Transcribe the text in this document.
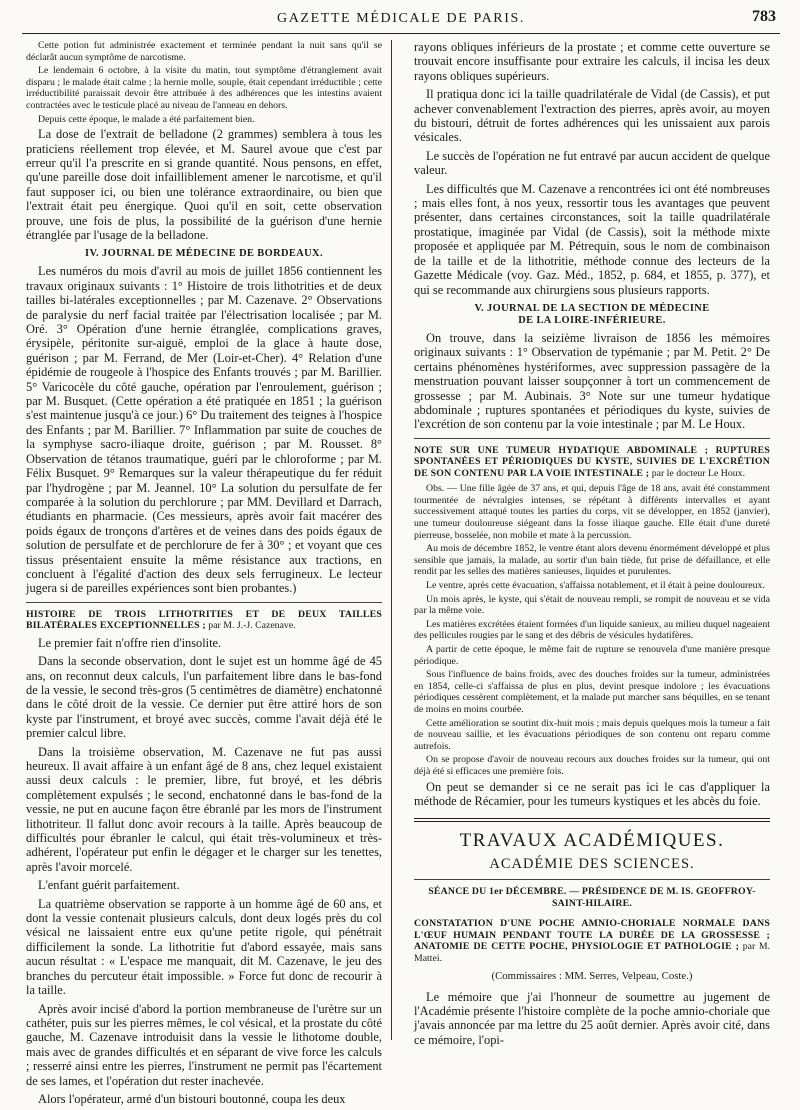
GAZETTE MÉDICALE DE PARIS.	783

Cette potion fut administrée exactement et terminée pendant la nuit sans qu'il se déclarât aucun symptôme de narcotisme.

Le lendemain 6 octobre, à la visite du matin, tout symptôme d'étranglement avait disparu ; le malade était calme ; la hernie molle, souple, était cependant irréductible ; cette irréductibilité paraissait devoir être attribuée à des adhérences que les intestins avaient contractées avec le testicule placé au niveau de l'anneau en dehors.

Depuis cette époque, le malade a été parfaitement bien.

La dose de l'extrait de belladone (2 grammes) semblera à tous les praticiens réellement trop élevée, et M. Saurel avoue que c'est par erreur qu'il l'a prescrite en si grande quantité. Nous pensons, en effet, qu'une pareille dose doit infailliblement amener le narcotisme, et qu'il faut supposer ici, ou bien une tolérance extraordinaire, ou bien que l'extrait était peu énergique. Quoi qu'il en soit, cette observation prouve, une fois de plus, la possibilité de la guérison d'une hernie étranglée par l'usage de la belladone.

IV. JOURNAL DE MÉDECINE DE BORDEAUX.

Les numéros du mois d'avril au mois de juillet 1856 contiennent les travaux originaux suivants : 1° Histoire de trois lithotrities et de deux tailles bi-latérales exceptionnelles ; par M. Cazenave. 2° Observations de paralysie du nerf facial traitée par l'électrisation localisée ; par M. Oré. 3° Opération d'une hernie étranglée, complications graves, érysipèle, péritonite sur-aiguë, emploi de la glace à haute dose, guérison ; par M. Ferrand, de Mer (Loir-et-Cher). 4° Relation d'une épidémie de rougeole à l'hospice des Enfants trouvés ; par M. Barillier. 5° Varicocèle du côté gauche, opération par l'enroulement, guérison ; par M. Busquet. (Cette opération a été pratiquée en 1851 ; la guérison s'est maintenue jusqu'à ce jour.) 6° Du traitement des teignes à l'hospice des Enfants ; par M. Barillier. 7° Inflammation par suite de couches de la symphyse sacro-iliaque droite, guérison ; par M. Rousset. 8° Observation de tétanos traumatique, guéri par le chloroforme ; par M. Félix Busquet. 9° Remarques sur la valeur thérapeutique du fer réduit par l'hydrogène ; par M. Jeannel. 10° La solution du persulfate de fer comparée à la solution du perchlorure ; par MM. Devillard et Darrach, étudiants en pharmacie. (Ces messieurs, après avoir fait macérer des poids égaux de tronçons d'artères et de veines dans des poids égaux de solution de persulfate et de perchlorure de fer à 30° ; et voyant que ces tissus présentaient ensuite la même résistance aux tractions, en concluent à l'égalité d'action des deux sels ferrugineux. Le lecteur jugera si de pareilles expériences sont bien probantes.)

HISTOIRE DE TROIS LITHOTRITIES ET DE DEUX TAILLES BILATÉRALES EXCEPTIONNELLES ; par M. J.-J. Cazenave.

Le premier fait n'offre rien d'insolite.

Dans la seconde observation, dont le sujet est un homme âgé de 45 ans, on reconnut deux calculs, l'un parfaitement libre dans le bas-fond de la vessie, le second très-gros (5 centimètres de diamètre) enchatonné dans le côté droit de la vessie. Ce dernier put être attiré hors de son kyste par l'instrument, et broyé avec succès, comme l'avait déjà été le premier calcul libre.

Dans la troisième observation, M. Cazenave ne fut pas aussi heureux. Il avait affaire à un enfant âgé de 8 ans, chez lequel existaient aussi deux calculs : le premier, libre, fut broyé, et les débris complètement expulsés ; le second, enchatonné dans le bas-fond de la vessie, ne put en aucune façon être ébranlé par les mors de l'instrument lithotriteur. Il fallut donc avoir recours à la taille. Après beaucoup de difficultés pour ébranler le calcul, qui était très-volumineux et très-adhérent, l'opérateur put enfin le dégager et le charger sur les tenettes, après l'avoir morcelé.

L'enfant guérit parfaitement.

La quatrième observation se rapporte à un homme âgé de 60 ans, et dont la vessie contenait plusieurs calculs, dont deux logés près du col vésical ne laissaient entre eux qu'une petite rigole, qui pénétrait difficilement la sonde. La lithotritie fut d'abord essayée, mais sans aucun résultat : « L'espace me manquait, dit M. Cazenave, le jeu des branches du percuteur était impossible. » Force fut donc de recourir à la taille.

Après avoir incisé d'abord la portion membraneuse de l'urètre sur un cathéter, puis sur les pierres mêmes, le col vésical, et la prostate du côté gauche, M. Cazenave introduisit dans la vessie le lithotome double, mais avec de grandes difficultés et en séparant de vive force les calculs ; resserré ainsi entre les pierres, l'instrument ne permit pas l'écartement de ses lames, et l'opération dut rester inachevée.

Alors l'opérateur, armé d'un bistouri boutonné, coupa les deux

rayons obliques inférieurs de la prostate ; et comme cette ouverture se trouvait encore insuffisante pour extraire les calculs, il incisa les deux rayons obliques supérieurs.

Il pratiqua donc ici la taille quadrilatérale de Vidal (de Cassis), et put achever convenablement l'extraction des pierres, après avoir, au moyen du bistouri, détruit de fortes adhérences qui les unissaient aux parois vésicales.

Le succès de l'opération ne fut entravé par aucun accident de quelque valeur.

Les difficultés que M. Cazenave a rencontrées ici ont été nombreuses ; mais elles font, à nos yeux, ressortir tous les avantages que peuvent présenter, dans certaines circonstances, soit la taille quadrilatérale prostatique, imaginée par Vidal (de Cassis), soit la méthode mixte proposée et appliquée par M. Pétrequin, sous le nom de combinaison de la taille et de la lithotritie, méthode connue des lecteurs de la Gazette Médicale (voy. Gaz. Méd., 1852, p. 684, et 1855, p. 377), et qui se recommande aux chirurgiens sous plusieurs rapports.

V. JOURNAL DE LA SECTION DE MÉDECINE
DE LA LOIRE-INFÉRIEURE.

On trouve, dans la seizième livraison de 1856 les mémoires originaux suivants : 1° Observation de typémanie ; par M. Petit. 2° De certains phénomènes hystériformes, avec suppression passagère de la menstruation pouvant laisser soupçonner à tort un commencement de grossesse ; par M. Aubinais. 3° Note sur une tumeur hydatique abdominale ; ruptures spontanées et périodiques du kyste, suivies de l'excrétion de son contenu par la voie intestinale ; par M. Le Houx.

NOTE SUR UNE TUMEUR HYDATIQUE ABDOMINALE ; RUPTURES SPONTANÉES ET PÉRIODIQUES DU KYSTE, SUIVIES DE L'EXCRÉTION DE SON CONTENU PAR LA VOIE INTESTINALE ; par le docteur Le Houx.

Obs. — Une fille âgée de 37 ans, et qui, depuis l'âge de 18 ans, avait été constamment tourmentée de névralgies intenses, se répétant à différents intervalles et ayant successivement attaqué toutes les parties du corps, vit se développer, en 1852 (janvier), une tumeur douloureuse siégeant dans la fosse iliaque gauche. Elle était d'une dureté pierreuse, bosselée, non mobile et mate à la percussion.

Au mois de décembre 1852, le ventre étant alors devenu énormément développé et plus sensible que jamais, la malade, au sortir d'un bain tiède, fut prise de défaillance, et elle rendit par les selles des matières sanieuses, liquides et purulentes.

Le ventre, après cette évacuation, s'affaissa notablement, et il était à peine douloureux.

Un mois après, le kyste, qui s'était de nouveau rempli, se rompit de nouveau et se vida par la même voie.

Les matières excrétées étaient formées d'un liquide sanieux, au milieu duquel nageaient des pellicules rougies par le sang et des débris de vésicules hydatifères.

A partir de cette époque, le même fait de rupture se renouvela d'une manière presque périodique.

Sous l'influence de bains froids, avec des douches froides sur la tumeur, administrées en 1854, celle-ci s'affaissa de plus en plus, devint presque indolore ; les évacuations périodiques cessèrent complètement, et la malade put marcher sans béquilles, en se tenant de moins en moins courbée.

Cette amélioration se soutint dix-huit mois ; mais depuis quelques mois la tumeur a fait de nouveau saillie, et les évacuations périodiques de son contenu ont reparu comme autrefois.

On se propose d'avoir de nouveau recours aux douches froides sur la tumeur, qui ont déjà été si efficaces une première fois.

On peut se demander si ce ne serait pas ici le cas d'appliquer la méthode de Récamier, pour les tumeurs kystiques et les abcès du foie.

TRAVAUX ACADÉMIQUES.
ACADÉMIE DES SCIENCES.
SÉANCE DU 1er DÉCEMBRE. — PRÉSIDENCE DE M. IS. GEOFFROY-SAINT-HILAIRE.
CONSTATATION D'UNE POCHE AMNIO-CHORIALE NORMALE DANS L'ŒUF HUMAIN PENDANT TOUTE LA DURÉE DE LA GROSSESSE ; ANATOMIE DE CETTE POCHE, PHYSIOLOGIE ET PATHOLOGIE ; par M. Mattei.
(Commissaires : MM. Serres, Velpeau, Coste.)

Le mémoire que j'ai l'honneur de soumettre au jugement de l'Académie présente l'histoire complète de la poche amnio-choriale que j'avais annoncée par ma lettre du 25 août dernier. Après avoir cité, dans ce mémoire, l'opi-
